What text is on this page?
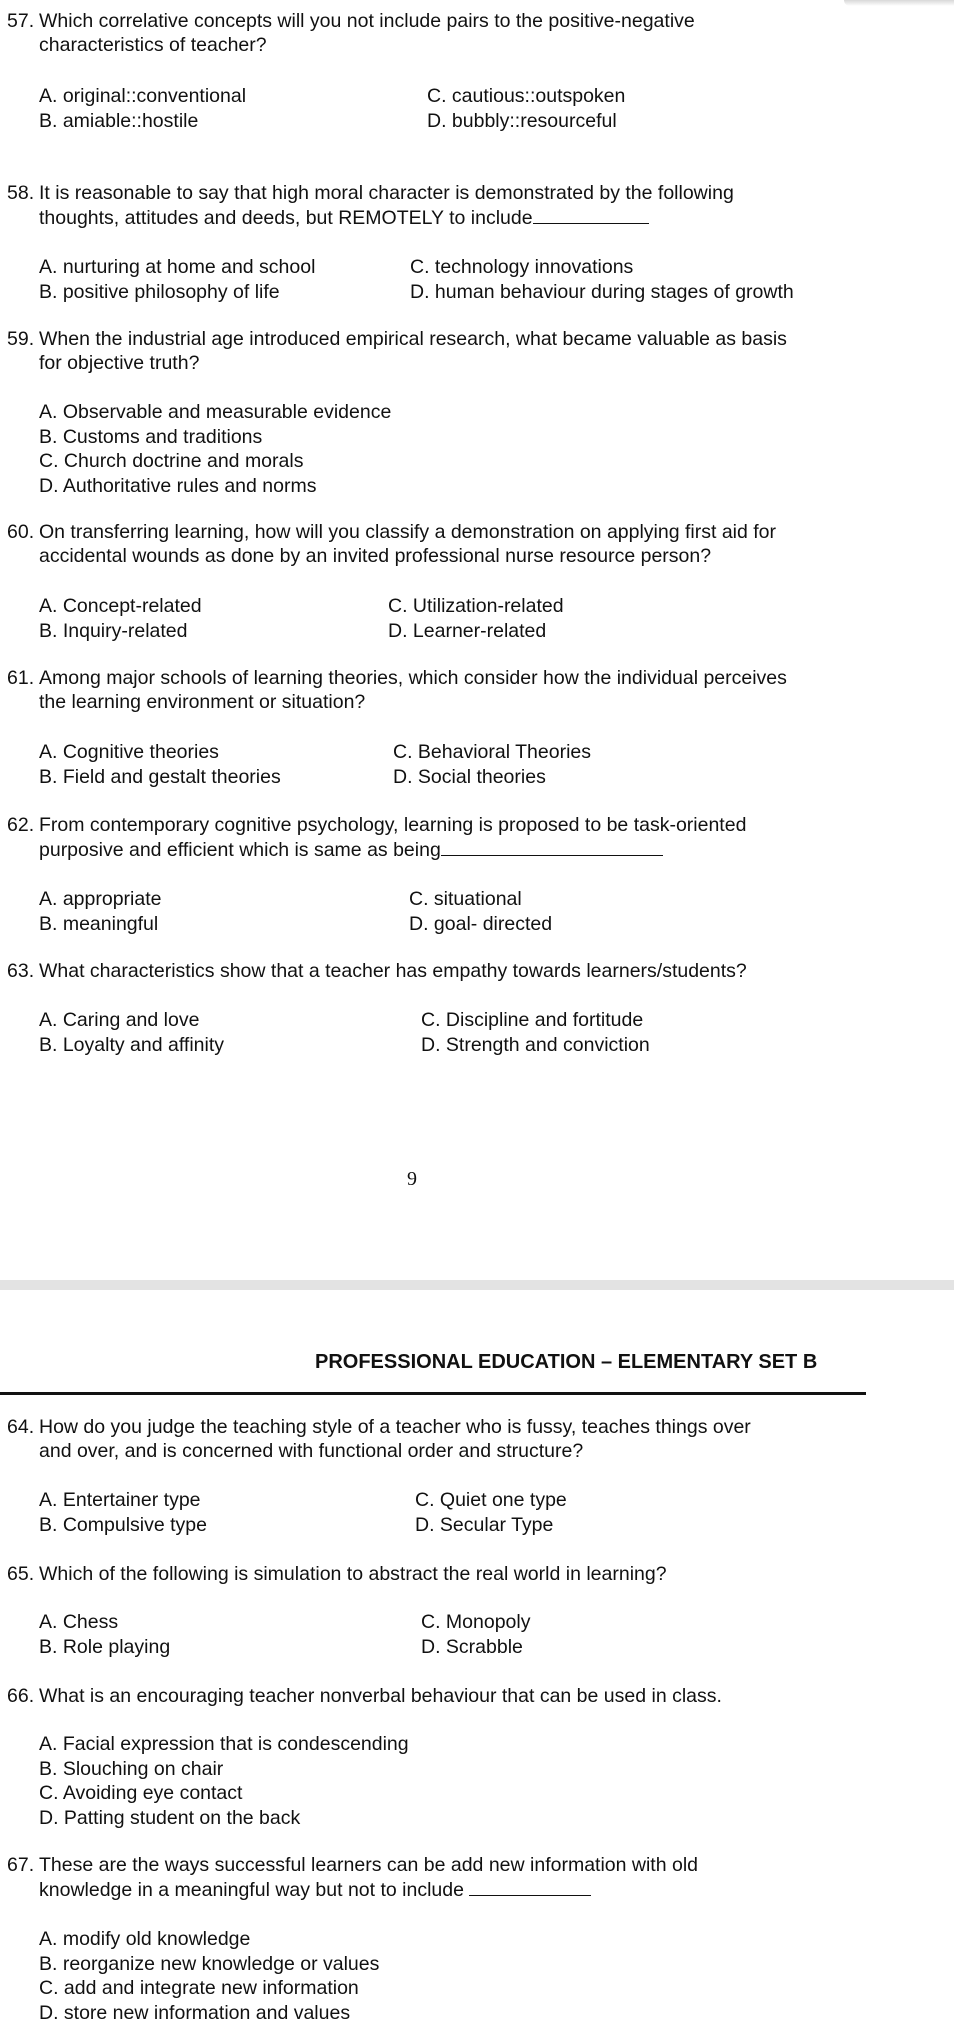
57. Which correlative concepts will you not include pairs to the positive-negative
characteristics of teacher?
A. original::conventional
B. amiable::hostile
C. cautious::outspoken
D. bubbly::resourceful
58. It is reasonable to say that high moral character is demonstrated by the following
thoughts, attitudes and deeds, but REMOTELY to include
A. nurturing at home and school
B. positive philosophy of life
C. technology innovations
D. human behaviour during stages of growth
59. When the industrial age introduced empirical research, what became valuable as basis
for objective truth?
A. Observable and measurable evidence
B. Customs and traditions
C. Church doctrine and morals
D. Authoritative rules and norms
60. On transferring learning, how will you classify a demonstration on applying first aid for
accidental wounds as done by an invited professional nurse resource person?
A. Concept-related
B. Inquiry-related
C. Utilization-related
D. Learner-related
61. Among major schools of learning theories, which consider how the individual perceives
the learning environment or situation?
A. Cognitive theories
B. Field and gestalt theories
C. Behavioral Theories
D. Social theories
62. From contemporary cognitive psychology, learning is proposed to be task-oriented
purposive and efficient which is same as being
A. appropriate
B. meaningful
C. situational
D. goal- directed
63. What characteristics show that a teacher has empathy towards learners/students?
A. Caring and love
B. Loyalty and affinity
C. Discipline and fortitude
D. Strength and conviction
9
PROFESSIONAL EDUCATION – ELEMENTARY SET B
64. How do you judge the teaching style of a teacher who is fussy, teaches things over
and over, and is concerned with functional order and structure?
A. Entertainer type
B. Compulsive type
C. Quiet one type
D. Secular Type
65. Which of the following is simulation to abstract the real world in learning?
A. Chess
B. Role playing
C. Monopoly
D. Scrabble
66. What is an encouraging teacher nonverbal behaviour that can be used in class.
A. Facial expression that is condescending
B. Slouching on chair
C. Avoiding eye contact
D. Patting student on the back
67. These are the ways successful learners can be add new information with old
knowledge in a meaningful way but not to include
A. modify old knowledge
B. reorganize new knowledge or values
C. add and integrate new information
D. store new information and values
